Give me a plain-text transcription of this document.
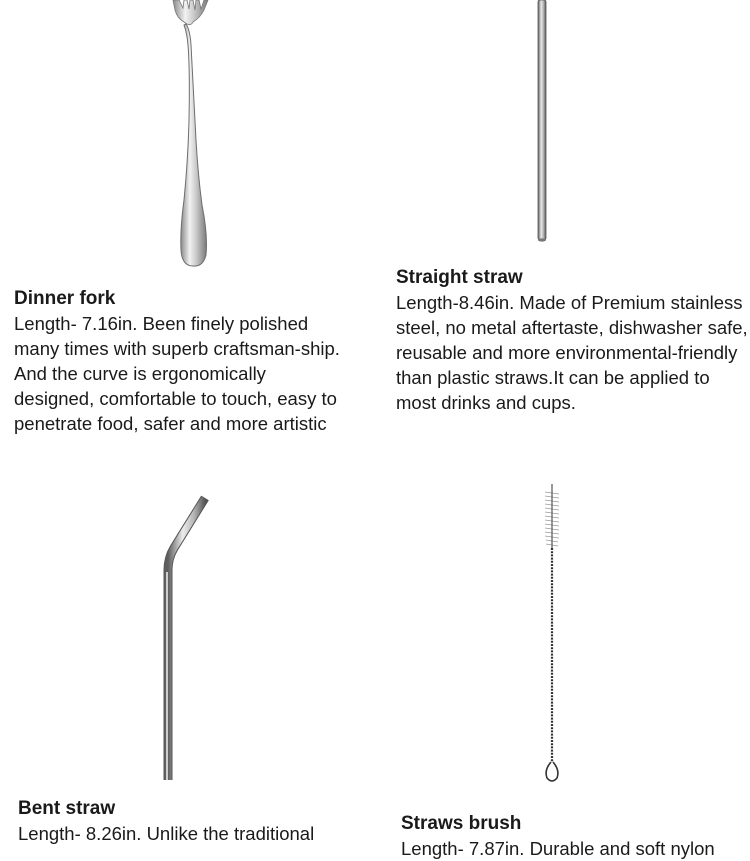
Dinner fork

Length- 7.16in. Been finely polished many times with superb craftsman-ship. And the curve is ergonomically designed, comfortable to touch, easy to penetrate food, safer and more artistic

Straight straw

Length-8.46in. Made of Premium stainless steel, no metal aftertaste, dishwasher safe, reusable and more environmental-friendly than plastic straws.It can be applied to most drinks and cups.

Bent straw

Length- 8.26in. Unlike the traditional	Straws brush

Length- 7.87in. Durable and soft nylon
